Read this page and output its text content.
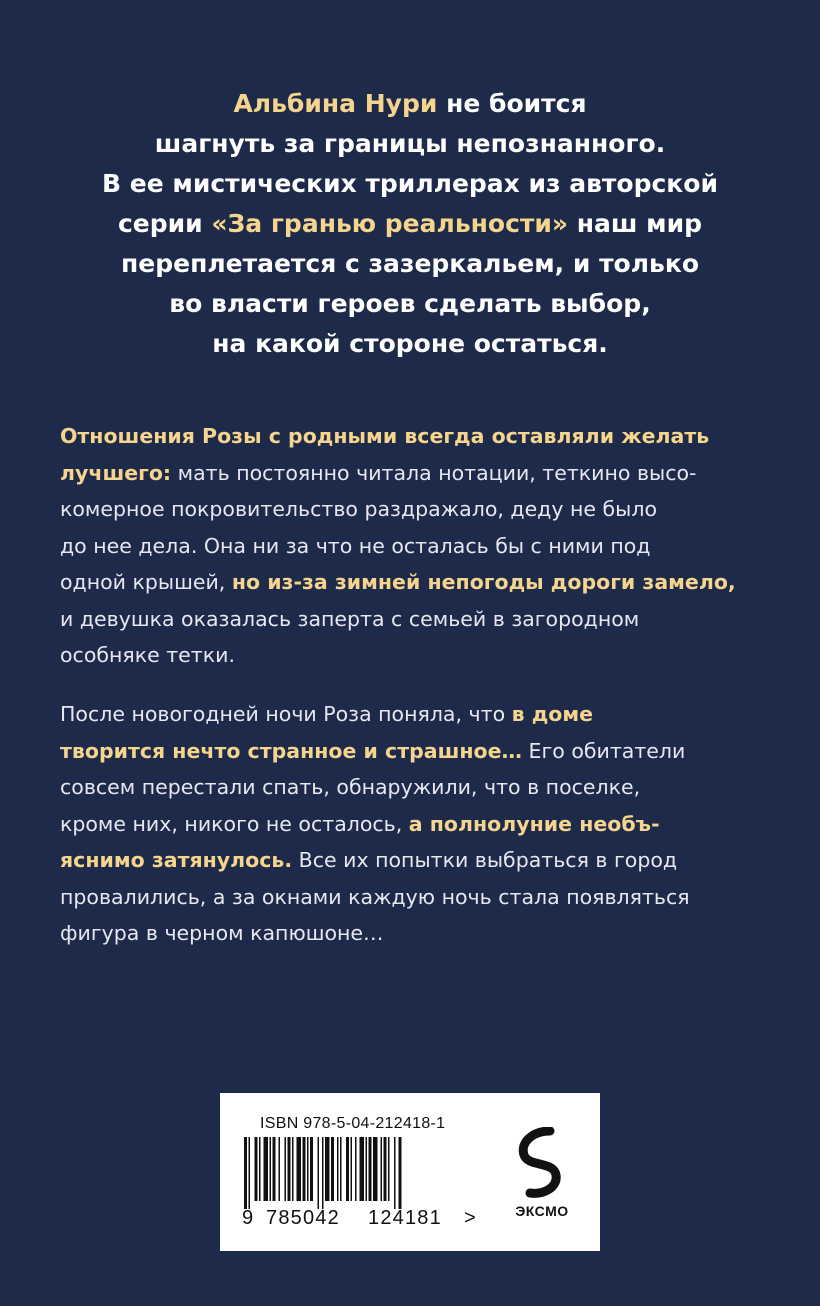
Альбина Нури не боится
шагнуть за границы непознанного.
В ее мистических триллерах из авторской
серии «За гранью реальности» наш мир
переплетается с зазеркальем, и только
во власти героев сделать выбор,
на какой стороне остаться.
Отношения Розы с родными всегда оставляли желать
лучшего: мать постоянно читала нотации, теткино высо-
комерное покровительство раздражало, деду не было
до нее дела. Она ни за что не осталась бы с ними под
одной крышей, но из-за зимней непогоды дороги замело,
и девушка оказалась заперта с семьей в загородном
особняке тетки.
После новогодней ночи Роза поняла, что в доме
творится нечто странное и страшное… Его обитатели
совсем перестали спать, обнаружили, что в поселке,
кроме них, никого не осталось, а полнолуние необъ-
яснимо затянулось. Все их попытки выбраться в город
провалились, а за окнами каждую ночь стала появляться
фигура в черном капюшоне…
ISBN 978-5-04-212418-1
9 785042 124181 >	ЭКСМО
